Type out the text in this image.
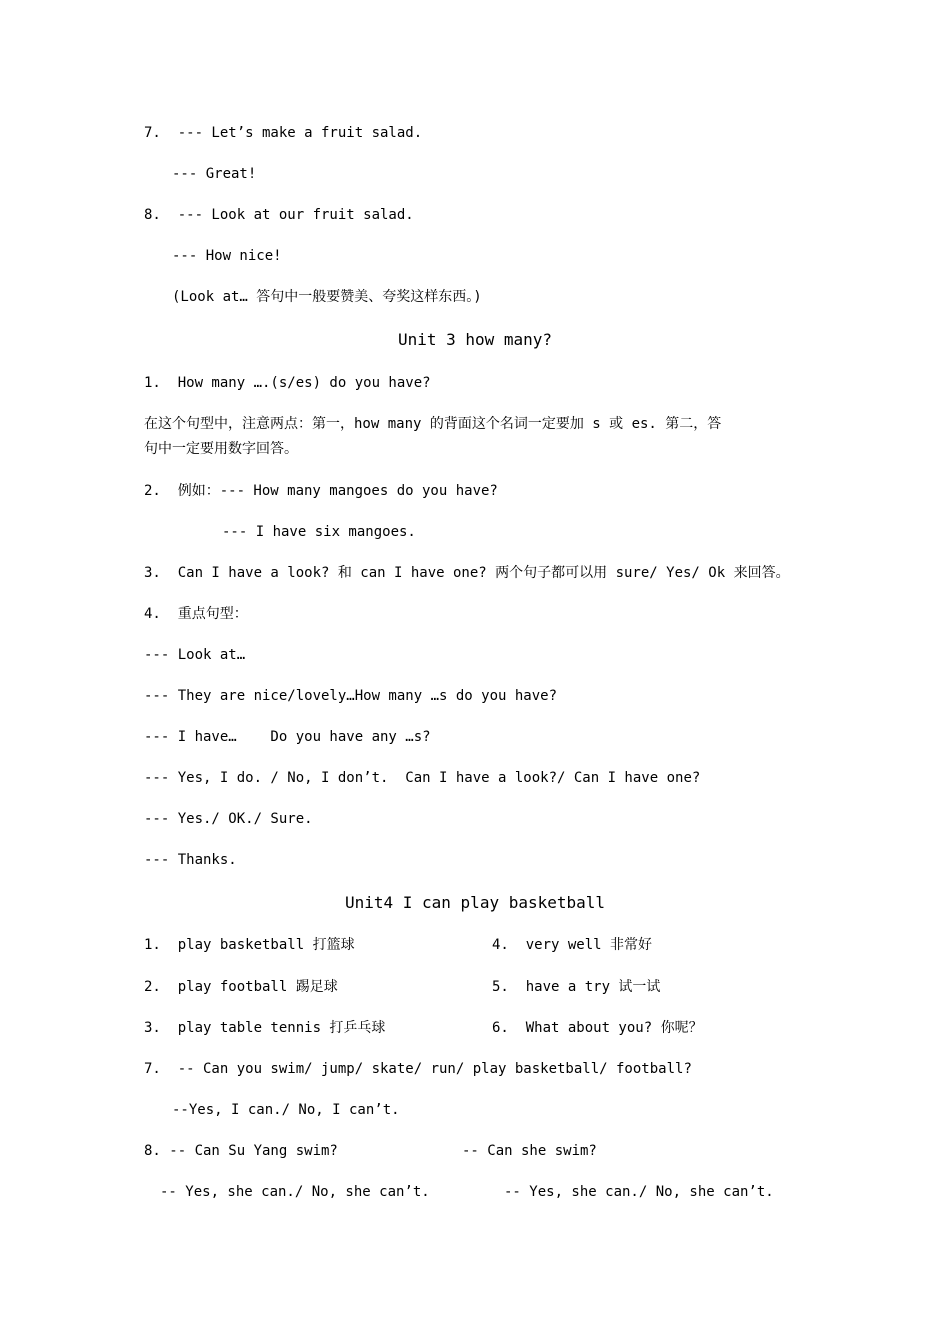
7.  --- Let’s make a fruit salad.
--- Great!
8.  --- Look at our fruit salad.
--- How nice!
(Look at… 答句中一般要赞美、夸奖这样东西。)
Unit 3 how many?
1.  How many ….(s/es) do you have?
在这个句型中，注意两点：第一，how many 的背面这个名词一定要加 s 或 es. 第二，答
句中一定要用数字回答。
2.  例如：--- How many mangoes do you have?
--- I have six mangoes.
3.  Can I have a look? 和 can I have one? 两个句子都可以用 sure/ Yes/ Ok 来回答。
4.  重点句型：
--- Look at…
--- They are nice/lovely…How many …s do you have?
--- I have…    Do you have any …s?
--- Yes, I do. / No, I don’t.  Can I have a look?/ Can I have one?
--- Yes./ OK./ Sure.
--- Thanks.
Unit4 I can play basketball
1.  play basketball 打篮球	4.  very well 非常好
2.  play football 踢足球	5.  have a try 试一试
3.  play table tennis 打乒乓球	6.  What about you? 你呢？
7.  -- Can you swim/ jump/ skate/ run/ play basketball/ football?
--Yes, I can./ No, I can’t.
8. -- Can Su Yang swim?	-- Can she swim?
-- Yes, she can./ No, she can’t.	-- Yes, she can./ No, she can’t.
